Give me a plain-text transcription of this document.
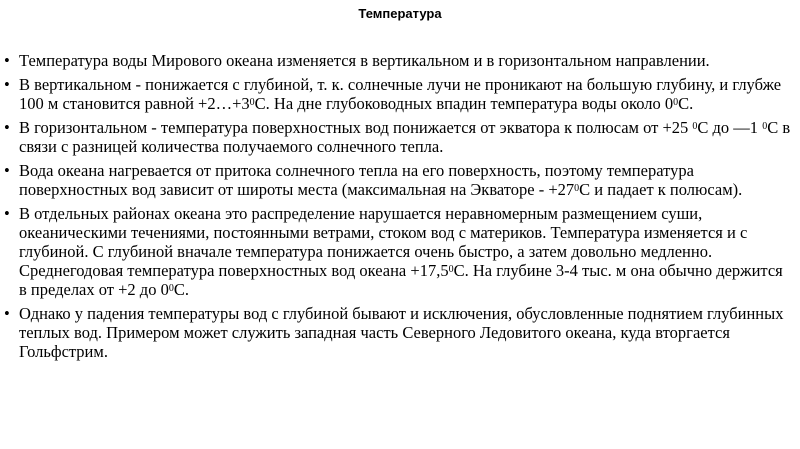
Температура
• Температура воды Мирового океана изменяется в вертикальном и в горизонтальном направлении.
• В вертикальном - понижается с глубиной, т. к. солнечные лучи не проникают на большую глубину, и глубже 100 м становится равной $+2\dots+3^0С$. На дне глубоководных впадин температура воды около $0^0С$.
• В горизонтальном - температура поверхностных вод понижается от экватора к полюсам от +25 $^0$С до —1 $^0$С в связи с разницей количества получаемого солнечного тепла.
• Вода океана нагревается от притока солнечного тепла на его поверхность, поэтому температура поверхностных вод зависит от широты места (максимальная на Экваторе - $+27^0С$ и падает к полюсам).
• В отдельных районах океана это распределение нарушается неравномерным размещением суши, океаническими течениями, постоянными ветрами, стоком вод с материков. Температура изменяется и с глубиной. С глубиной вначале температура понижается очень быстро, а затем довольно медленно. Среднегодовая температура поверхностных вод океана $+17,5^0С$. На глубине 3-4 тыс. м она обычно держится в пределах от +2 до $0^0С$.
• Однако у падения температуры вод с глубиной бывают и исключения, обусловленные поднятием глубинных теплых вод. Примером может служить западная часть Северного Ледовитого океана, куда вторгается Гольфстрим.
